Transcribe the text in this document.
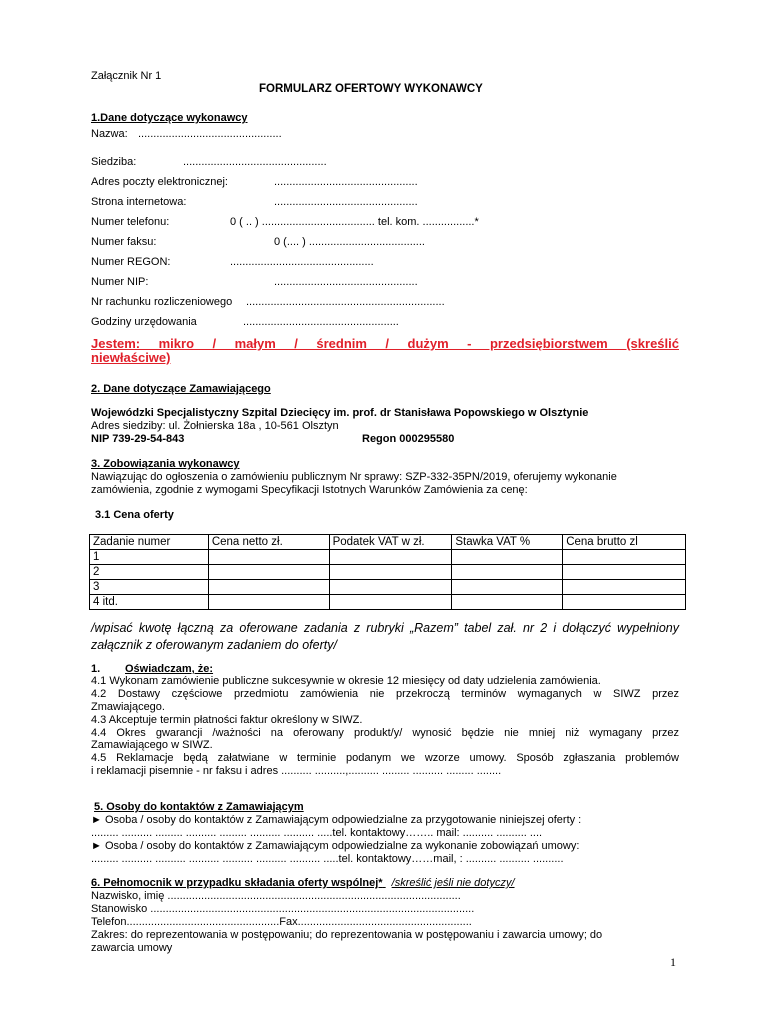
Załącznik Nr 1
FORMULARZ OFERTOWY WYKONAWCY
1.Dane dotyczące wykonawcy
Nazwa: ...............................................
Siedziba:	...............................................
Adres poczty elektronicznej:	...............................................
Strona internetowa:	...............................................
Numer telefonu:	0 ( .. ) ..................................... tel. kom. .................*
Numer faksu:	0 (.... ) ......................................
Numer REGON:	...............................................
Numer NIP:	...............................................
Nr rachunku rozliczeniowego .................................................................
Godziny urzędowania	...................................................
Jestem: mikro / małym / średnim / dużym - przedsiębiorstwem (skreślić
niewłaściwe)
2. Dane dotyczące Zamawiającego
Wojewódzki Specjalistyczny Szpital Dziecięcy im. prof. dr Stanisława Popowskiego w Olsztynie
Adres siedziby: ul. Żołnierska 18a , 10-561 Olsztyn
NIP 739-29-54-843	Regon 000295580
3. Zobowiązania wykonawcy
Nawiązując do ogłoszenia o zamówieniu publicznym Nr sprawy: SZP-332-35PN/2019, oferujemy wykonanie
zamówienia, zgodnie z wymogami Specyfikacji Istotnych Warunków Zamówienia za cenę:
3.1 Cena oferty
Zadanie numer	Cena netto zł.	Podatek VAT w zł.	Stawka VAT %	Cena brutto zl
1				
2				
3				
4 itd.				
/wpisać kwotę łączną za oferowane zadania z rubryki „Razem” tabel zał. nr 2 i dołączyć wypełniony
załącznik z oferowanym zadaniem do oferty/
1. Oświadczam, że:
4.1 Wykonam zamówienie publiczne sukcesywnie w okresie 12 miesięcy od daty udzielenia zamówienia.
4.2 Dostawy częściowe przedmiotu zamówienia nie przekroczą terminów wymaganych w SIWZ przez
Zmawiającego.
4.3 Akceptuje termin płatności faktur określony w SIWZ.
4.4 Okres gwarancji /ważności na oferowany produkt/y/ wynosić będzie nie mniej niż wymagany przez
Zamawiającego w SIWZ.
4.5 Reklamacje będą załatwiane w terminie podanym we wzorze umowy. Sposób zgłaszania problemów
i reklamacji pisemnie - nr faksu i adres .......... ..........,.......... ......... .......... ......... ........
5. Osoby do kontaktów z Zamawiającym
► Osoba / osoby do kontaktów z Zamawiającym odpowiedzialne za przygotowanie niniejszej oferty :
......... .......... ......... .......... ......... .......... .......... .....tel. kontaktowy…….. mail: .......... .......... ....
► Osoba / osoby do kontaktów z Zamawiającym odpowiedzialne za wykonanie zobowiązań umowy:
......... .......... .......... .......... .......... .......... .......... .....tel. kontaktowy……mail, : .......... .......... ..........
6. Pełnomocnik w przypadku składania oferty wspólnej* /skreślić jeśli nie dotyczy/
Nazwisko, imię ................................................................................................
Stanowisko ..........................................................................................................
Telefon..................................................Fax.........................................................
Zakres: do reprezentowania w postępowaniu; do reprezentowania w postępowaniu i zawarcia umowy; do
zawarcia umowy
1
